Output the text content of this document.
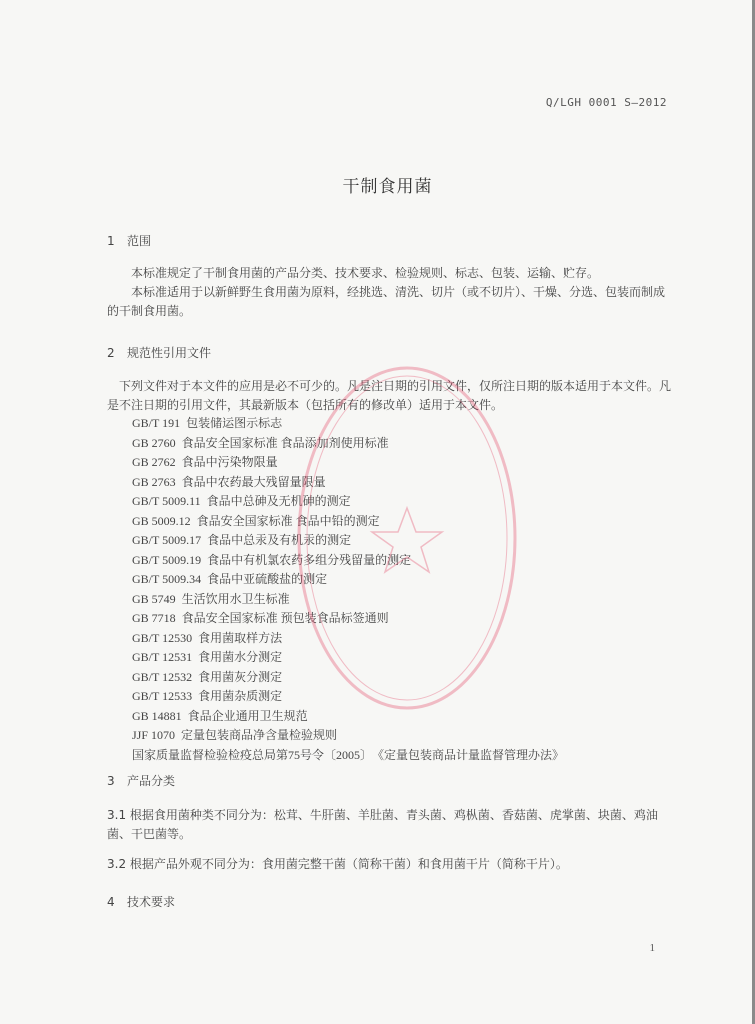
Q/LGH 0001 S—2012
干制食用菌
1 范围
本标准规定了干制食用菌的产品分类、技术要求、检验规则、标志、包装、运输、贮存。
本标准适用于以新鲜野生食用菌为原料，经挑选、清洗、切片（或不切片）、干燥、分选、包装而制成的干制食用菌。
2 规范性引用文件
下列文件对于本文件的应用是必不可少的。凡是注日期的引用文件，仅所注日期的版本适用于本文件。凡是不注日期的引用文件，其最新版本（包括所有的修改单）适用于本文件。
GB/T 191 包装储运图示标志
GB 2760 食品安全国家标准 食品添加剂使用标准
GB 2762 食品中污染物限量
GB 2763 食品中农药最大残留量限量
GB/T 5009.11 食品中总砷及无机砷的测定
GB 5009.12 食品安全国家标准 食品中铅的测定
GB/T 5009.17 食品中总汞及有机汞的测定
GB/T 5009.19 食品中有机氯农药多组分残留量的测定
GB/T 5009.34 食品中亚硫酸盐的测定
GB 5749 生活饮用水卫生标准
GB 7718 食品安全国家标准 预包装食品标签通则
GB/T 12530 食用菌取样方法
GB/T 12531 食用菌水分测定
GB/T 12532 食用菌灰分测定
GB/T 12533 食用菌杂质测定
GB 14881 食品企业通用卫生规范
JJF 1070 定量包装商品净含量检验规则
国家质量监督检验检疫总局第75号令〔2005〕 《定量包装商品计量监督管理办法》
3 产品分类
3.1 根据食用菌种类不同分为：松茸、牛肝菌、羊肚菌、青头菌、鸡枞菌、香菇菌、虎掌菌、块菌、鸡油菌、干巴菌等。
3.2 根据产品外观不同分为：食用菌完整干菌（简称干菌）和食用菌干片（简称干片）。
4 技术要求
1
